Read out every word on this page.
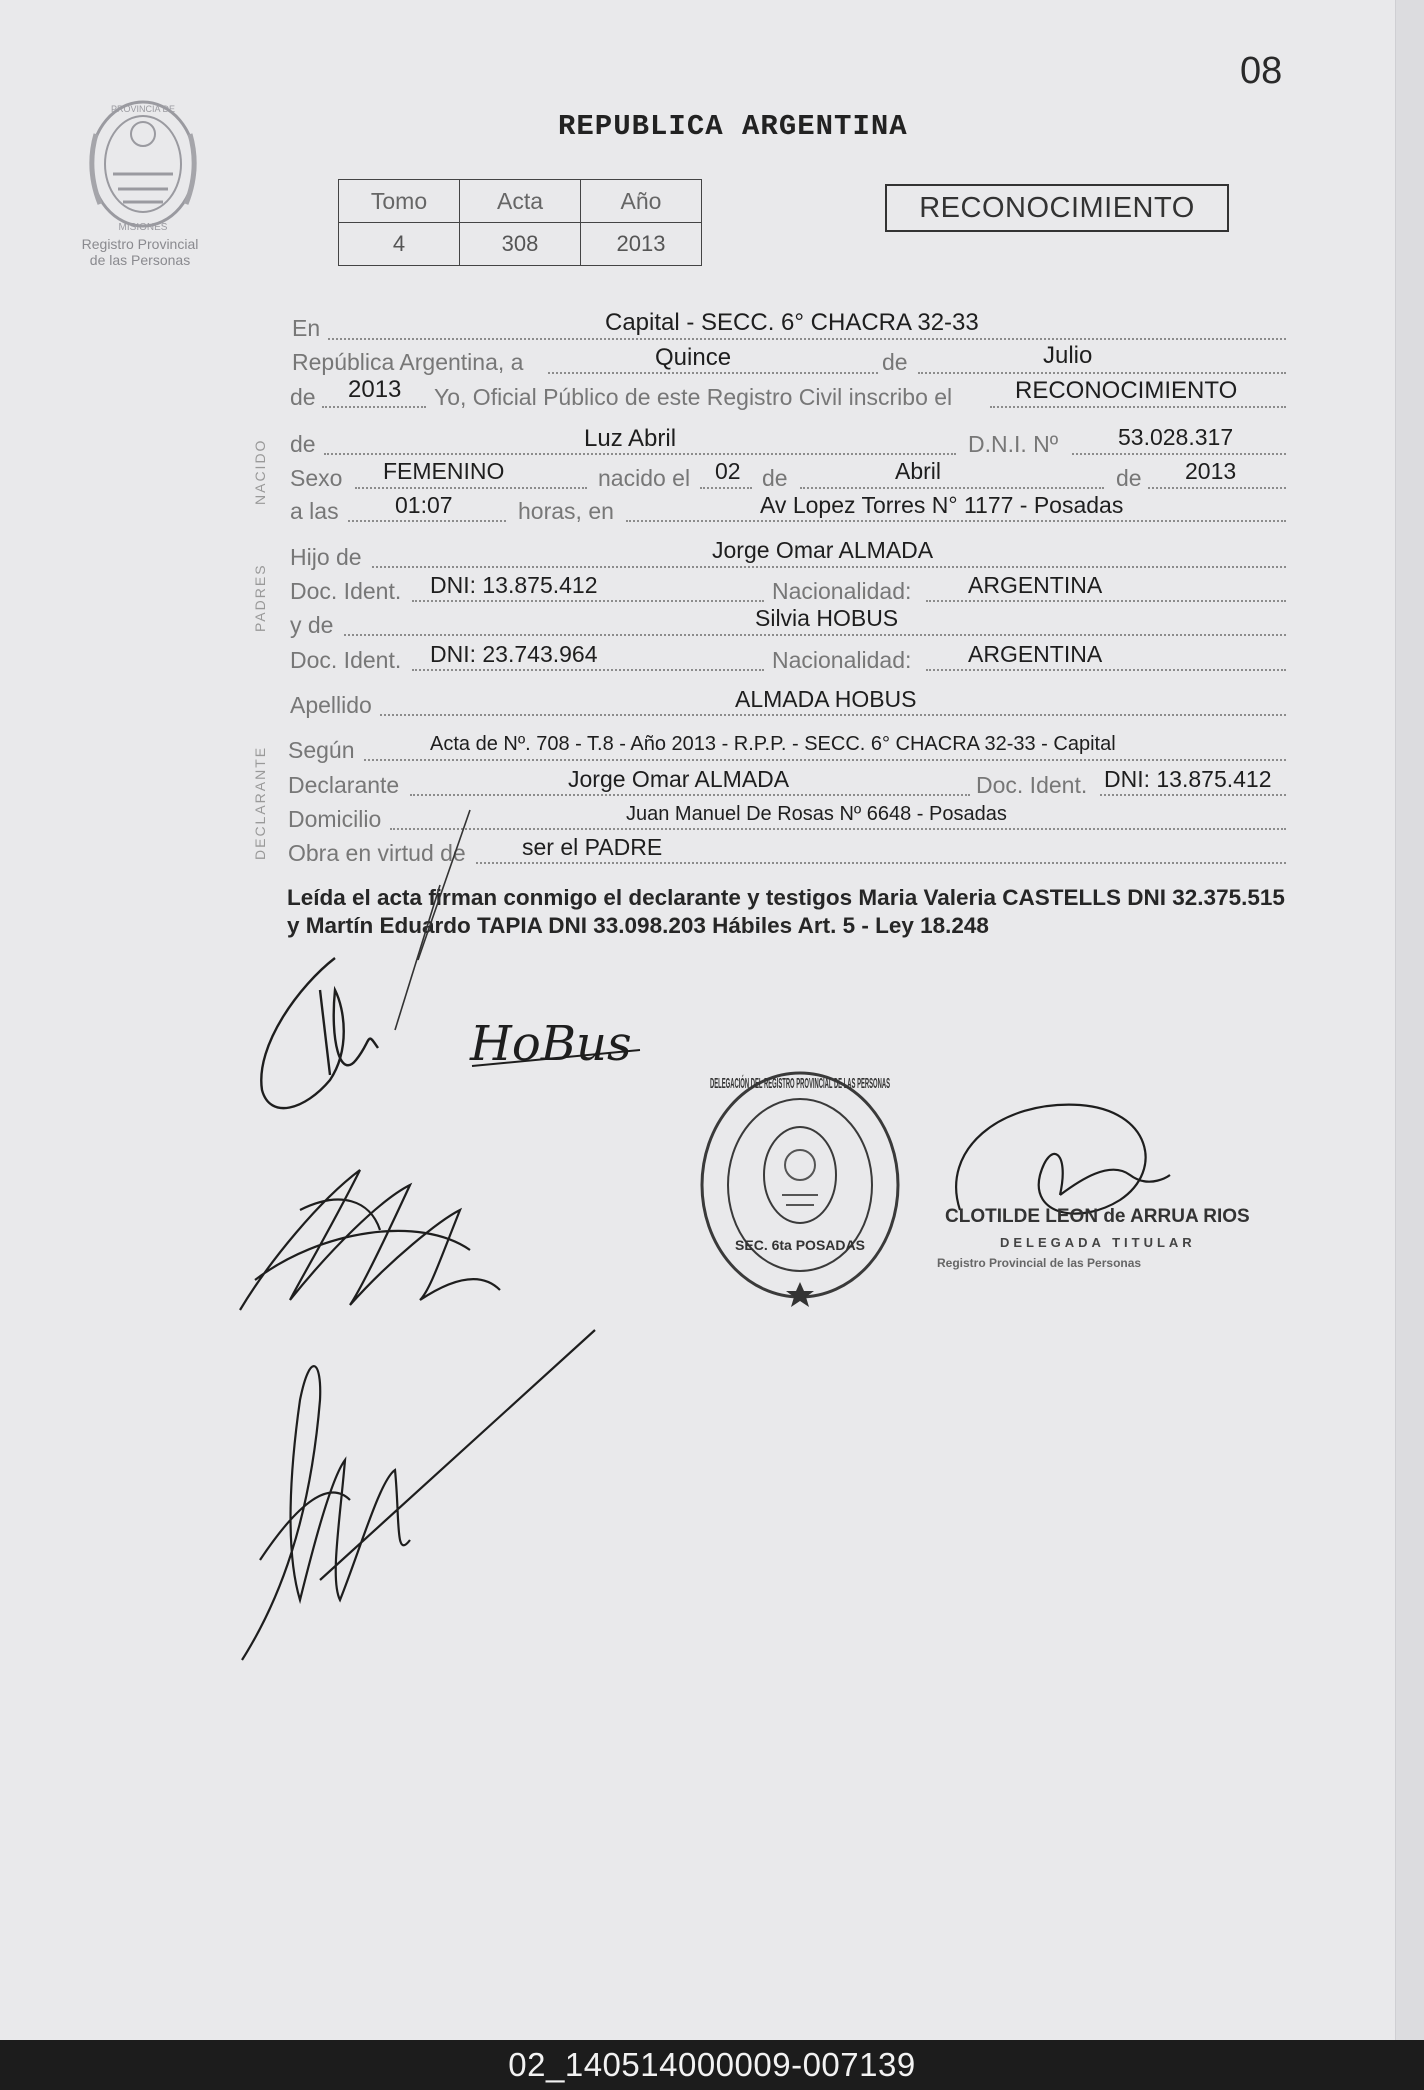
08
PROVINCIA DE
MISIONES
Registro Provincial
de las Personas
REPUBLICA ARGENTINA
Tomo	Acta	Año
4	308	2013
RECONOCIMIENTO
NACIDO
PADRES
DECLARANTE
En	Capital - SECC. 6° CHACRA 32-33
República Argentina, a	Quince	de	Julio
de 2013 Yo, Oficial Público de este Registro Civil inscribo el	RECONOCIMIENTO
de	Luz Abril	D.N.I. Nº	53.028.317
Sexo FEMENINO	nacido el 02 de	Abril	de 2013
a las 01:07	horas, en	Av Lopez Torres N° 1177 - Posadas
Hijo de	Jorge Omar ALMADA
Doc. Ident. DNI: 13.875.412	Nacionalidad: ARGENTINA
y de	Silvia HOBUS
Doc. Ident. DNI: 23.743.964	Nacionalidad: ARGENTINA
Apellido	ALMADA HOBUS
Según	Acta de Nº. 708 - T.8 - Año 2013 - R.P.P. - SECC. 6° CHACRA 32-33 - Capital
Declarante	Jorge Omar ALMADA	Doc. Ident. DNI: 13.875.412
Domicilio	Juan Manuel De Rosas Nº 6648 - Posadas
Obra en virtud de ser el PADRE
Leída el acta firman conmigo el declarante y testigos Maria Valeria CASTELLS DNI 32.375.515 y Martín Eduardo TAPIA DNI 33.098.203 Hábiles Art. 5 - Ley 18.248
HoBus
SEC. 6ta POSADAS
CLOTILDE LEON de ARRUA RIOS
DELEGADA TITULAR
Registro Provincial de las Personas
02_140514000009-007139
